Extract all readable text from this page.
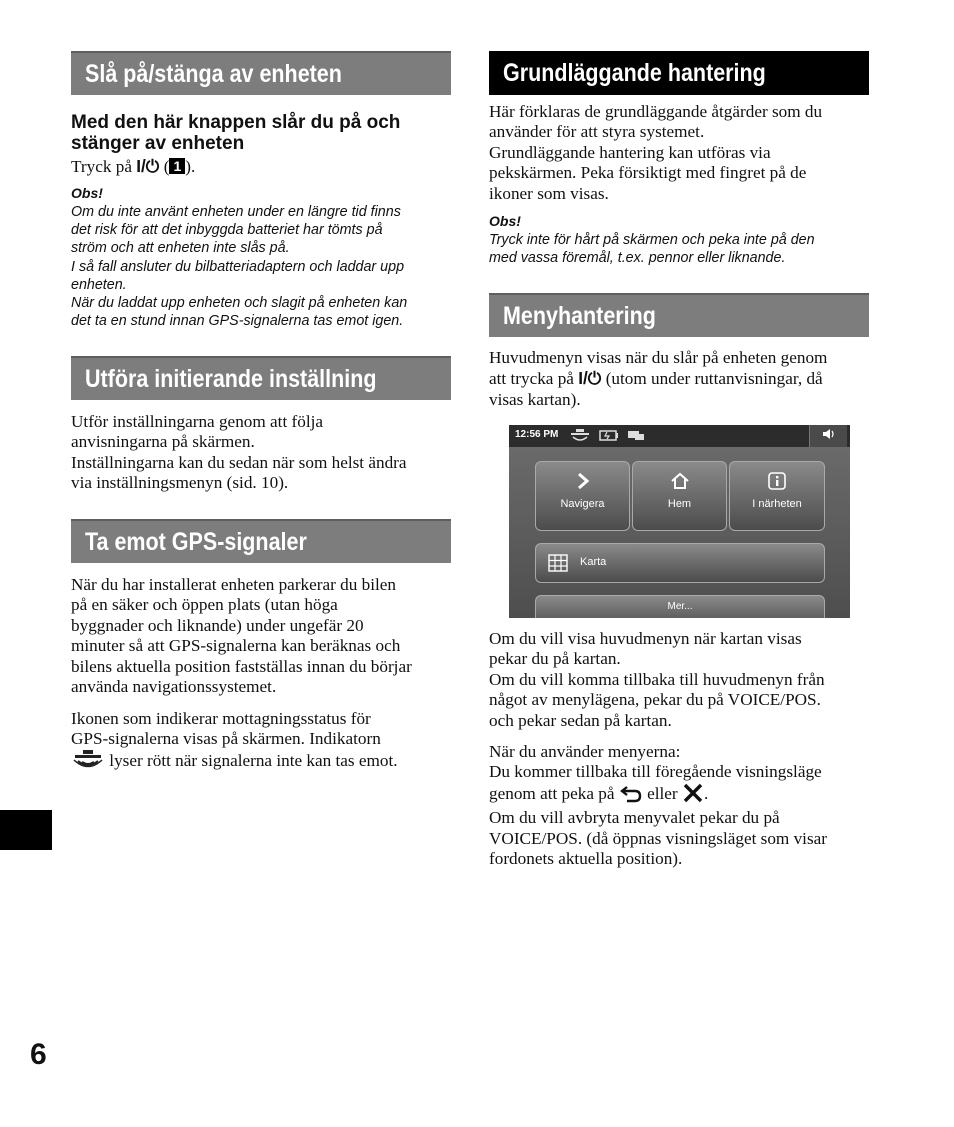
Slå på/stänga av enheten
Med den här knappen slår du på och stänger av enheten
Tryck på I/⏻ ( 1 ).
Obs!
Om du inte använt enheten under en längre tid finns
det risk för att det inbyggda batteriet har tömts på
ström och att enheten inte slås på.
I så fall ansluter du bilbatteriadaptern och laddar upp
enheten.
När du laddat upp enheten och slagit på enheten kan
det ta en stund innan GPS-signalerna tas emot igen.
Utföra initierande inställning
Utför inställningarna genom att följa
anvisningarna på skärmen.
Inställningarna kan du sedan när som helst ändra
via inställningsmenyn (sid. 10).
Ta emot GPS-signaler
När du har installerat enheten parkerar du bilen
på en säker och öppen plats (utan höga
byggnader och liknande) under ungefär 20
minuter så att GPS-signalerna kan beräknas och
bilens aktuella position fastställas innan du börjar
använda navigationssystemet.
Ikonen som indikerar mottagningsstatus för
GPS-signalerna visas på skärmen. Indikatorn
lyser rött när signalerna inte kan tas emot.
Grundläggande hantering
Här förklaras de grundläggande åtgärder som du
använder för att styra systemet.
Grundläggande hantering kan utföras via
pekskärmen. Peka försiktigt med fingret på de
ikoner som visas.
Obs!
Tryck inte för hårt på skärmen och peka inte på den
med vassa föremål, t.ex. pennor eller liknande.
Menyhantering
Huvudmenyn visas när du slår på enheten genom
att trycka på I/⏻ (utom under ruttanvisningar, då
visas kartan).
12:56 PM
Navigera	Hem	I närheten
Karta
Mer...
Om du vill visa huvudmenyn när kartan visas
pekar du på kartan.
Om du vill komma tillbaka till huvudmenyn från
något av menylägena, pekar du på VOICE/POS.
och pekar sedan på kartan.
När du använder menyerna:
Du kommer tillbaka till föregående visningsläge
genom att peka på  eller .
Om du vill avbryta menyvalet pekar du på
VOICE/POS. (då öppnas visningsläget som visar
fordonets aktuella position).
6
